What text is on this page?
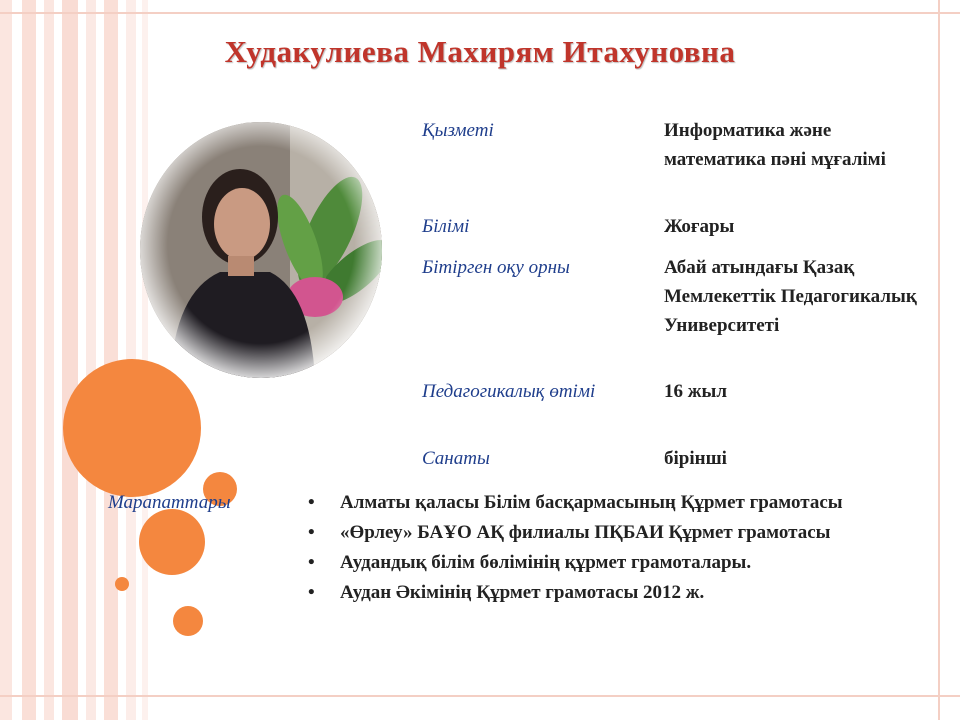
Худакулиева Махирям Итахуновна
Қызметі	Информатика және математика пәні мұғалімі
Білімі	Жоғары
Бітірген оқу орны	Абай атындағы Қазақ Мемлекеттік Педагогикалық Университеті
Педагогикалық өтімі	16 жыл
Санаты	бірінші
Марапаттары	• Алматы қаласы Білім басқармасының Құрмет грамотасы
• «Өрлеу» БАҰО АҚ филиалы ПҚБАИ Құрмет грамотасы
• Аудандық білім бөлімінің құрмет грамоталары.
• Аудан Әкімінің Құрмет грамотасы 2012 ж.
